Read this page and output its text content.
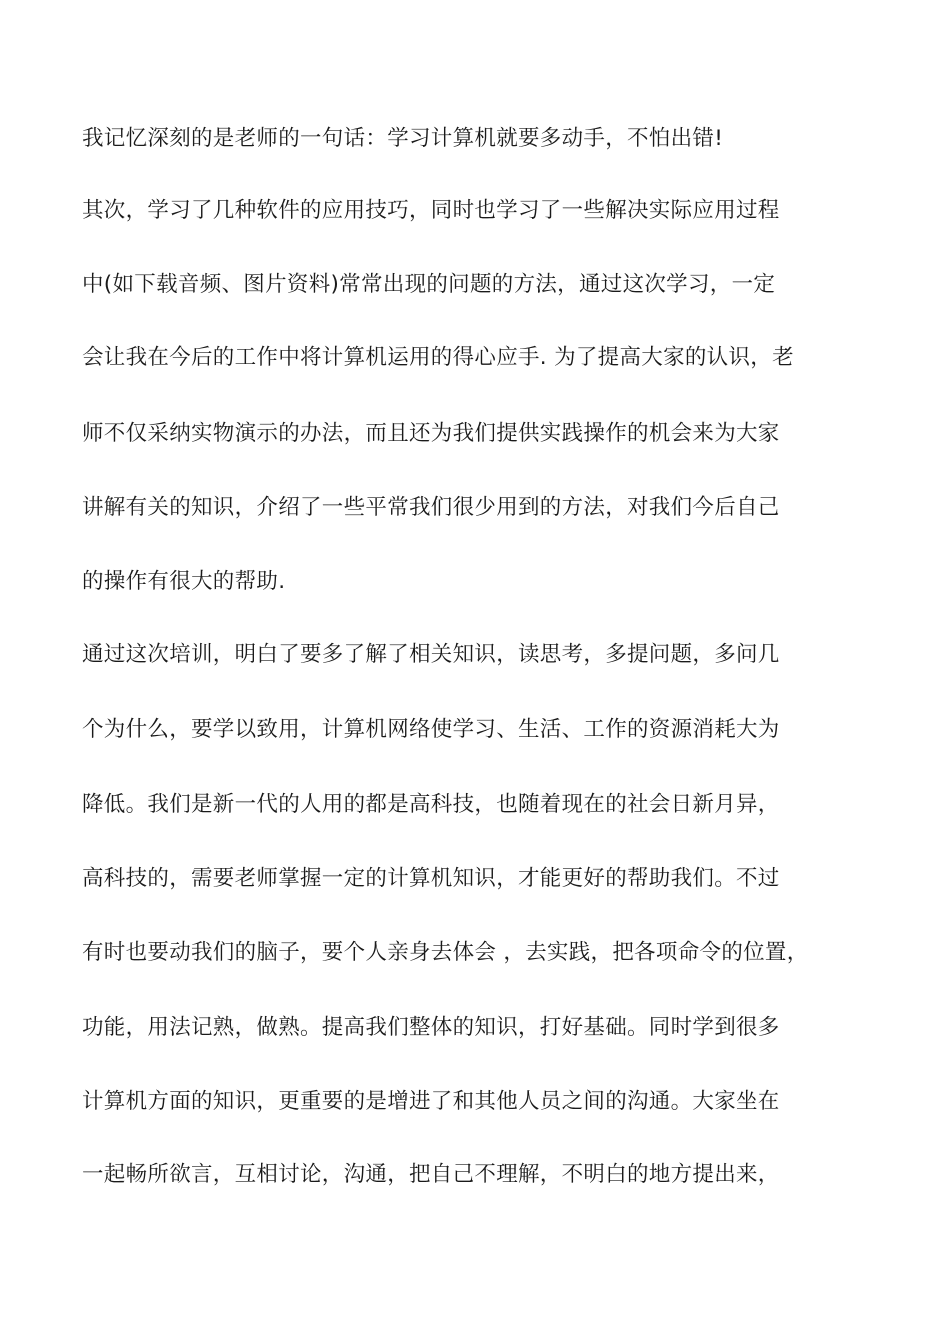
我记忆深刻的是老师的一句话：学习计算机就要多动手，不怕出错!
其次，学习了几种软件的应用技巧，同时也学习了一些解决实际应用过程
中(如下载音频、图片资料)常常出现的问题的方法，通过这次学习，一定
会让我在今后的工作中将计算机运用的得心应手. 为了提高大家的认识，老
师不仅采纳实物演示的办法，而且还为我们提供实践操作的机会来为大家
讲解有关的知识，介绍了一些平常我们很少用到的方法，对我们今后自己
的操作有很大的帮助.
通过这次培训，明白了要多了解了相关知识，读思考，多提问题，多问几
个为什么，要学以致用，计算机网络使学习、生活、工作的资源消耗大为
降低。我们是新一代的人用的都是高科技，也随着现在的社会日新月异，
高科技的，需要老师掌握一定的计算机知识，才能更好的帮助我们。不过
有时也要动我们的脑子，要个人亲身去体会 ，去实践，把各项命令的位置，
功能，用法记熟，做熟。提高我们整体的知识，打好基础。同时学到很多
计算机方面的知识，更重要的是增进了和其他人员之间的沟通。大家坐在
一起畅所欲言，互相讨论，沟通，把自己不理解，不明白的地方提出来，
